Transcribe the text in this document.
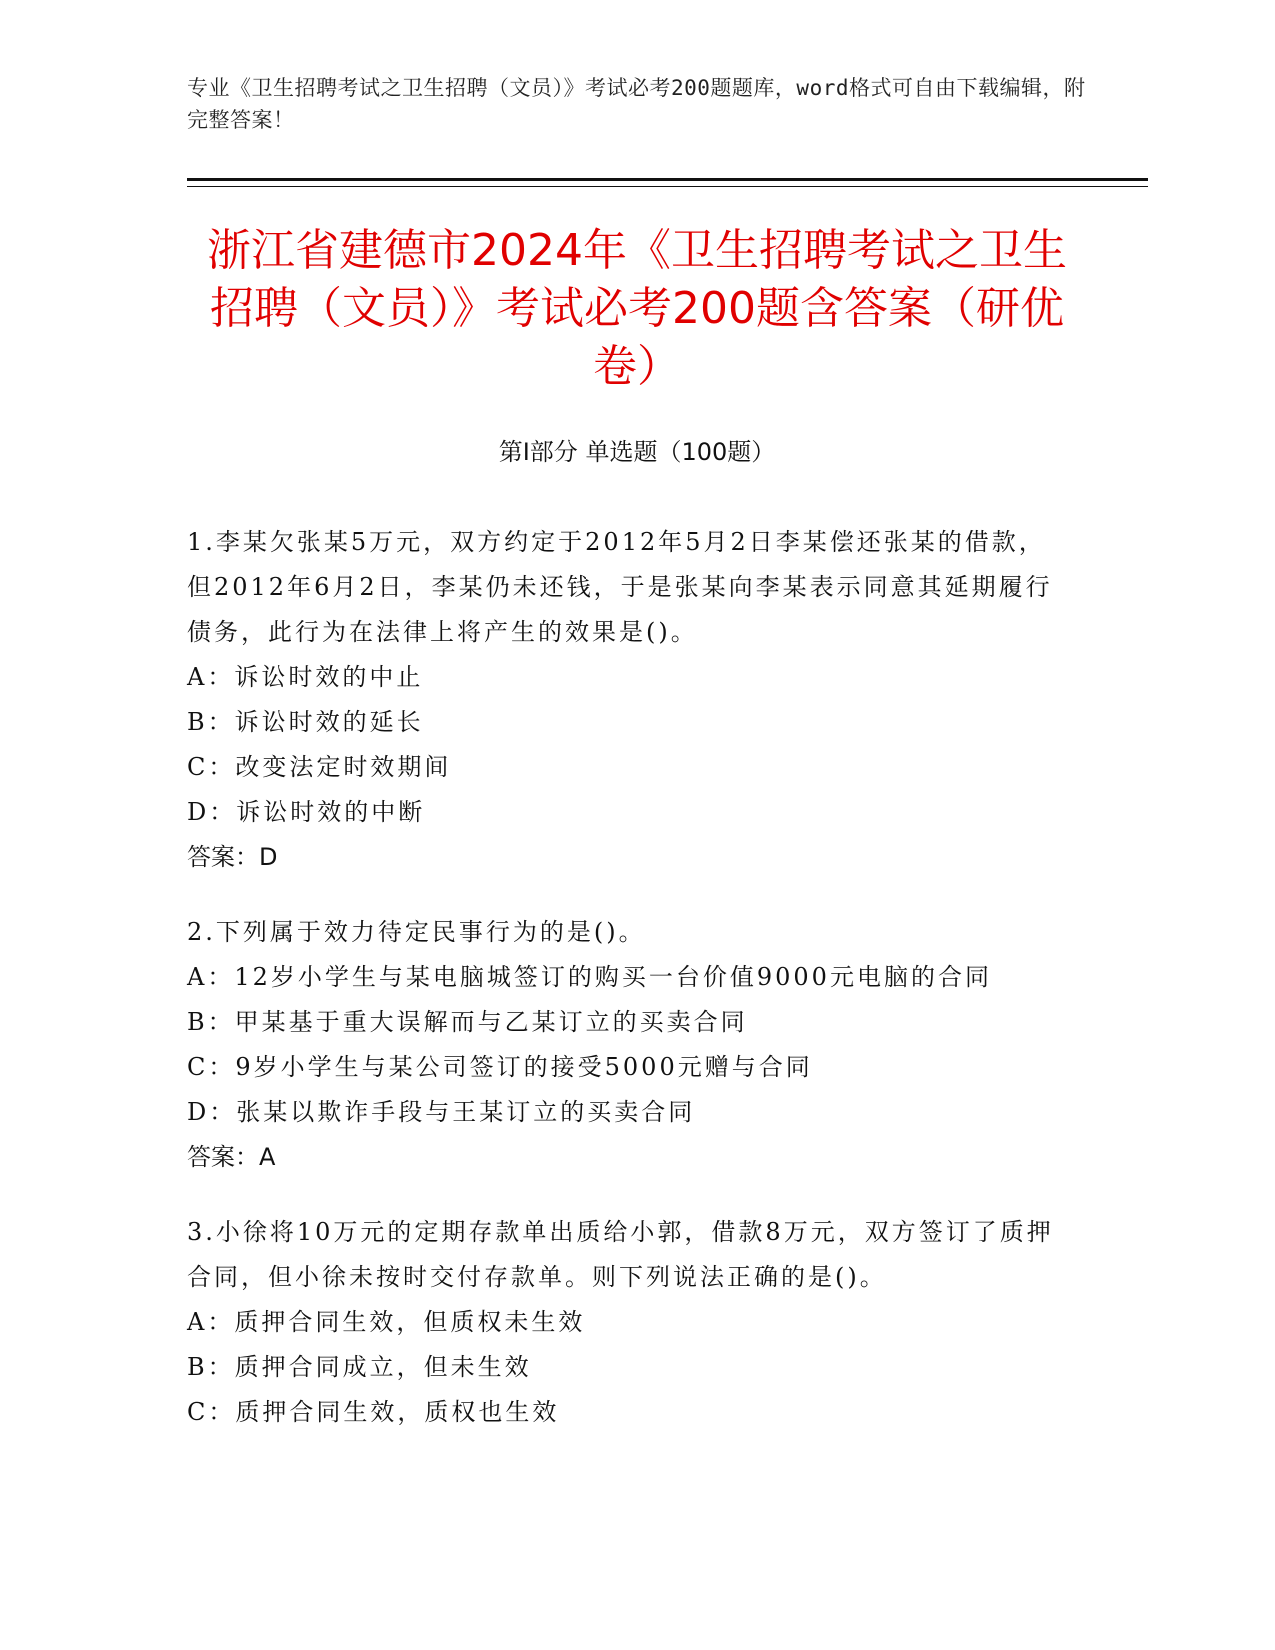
专业《卫生招聘考试之卫生招聘（文员）》考试必考200题题库，word格式可自由下载编辑，附完整答案！
浙江省建德市2024年《卫生招聘考试之卫生招聘（文员）》考试必考200题含答案（研优卷）
第I部分 单选题（100题）
1.李某欠张某5万元，双方约定于2012年5月2日李某偿还张某的借款，但2012年6月2日，李某仍未还钱，于是张某向李某表示同意其延期履行债务，此行为在法律上将产生的效果是()。
A：诉讼时效的中止
B：诉讼时效的延长
C：改变法定时效期间
D：诉讼时效的中断
答案：D
2.下列属于效力待定民事行为的是()。
A：12岁小学生与某电脑城签订的购买一台价值9000元电脑的合同
B：甲某基于重大误解而与乙某订立的买卖合同
C：9岁小学生与某公司签订的接受5000元赠与合同
D：张某以欺诈手段与王某订立的买卖合同
答案：A
3.小徐将10万元的定期存款单出质给小郭，借款8万元，双方签订了质押合同，但小徐未按时交付存款单。则下列说法正确的是()。
A：质押合同生效，但质权未生效
B：质押合同成立，但未生效
C：质押合同生效，质权也生效
